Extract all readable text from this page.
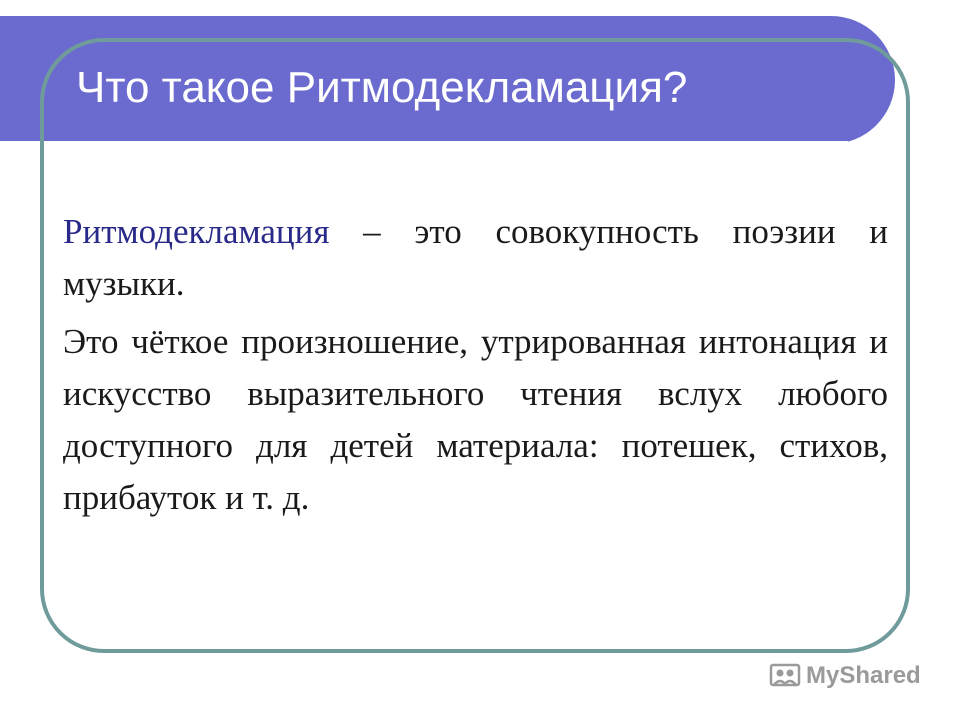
Что такое Ритмодекламация?

Ритмодекламация – это совокупность поэзии и музыки.

Это чёткое произношение, утрированная интонация и искусство выразительного чтения вслух любого доступного для детей материала: потешек, стихов, прибауток и т. д.

MyShared
